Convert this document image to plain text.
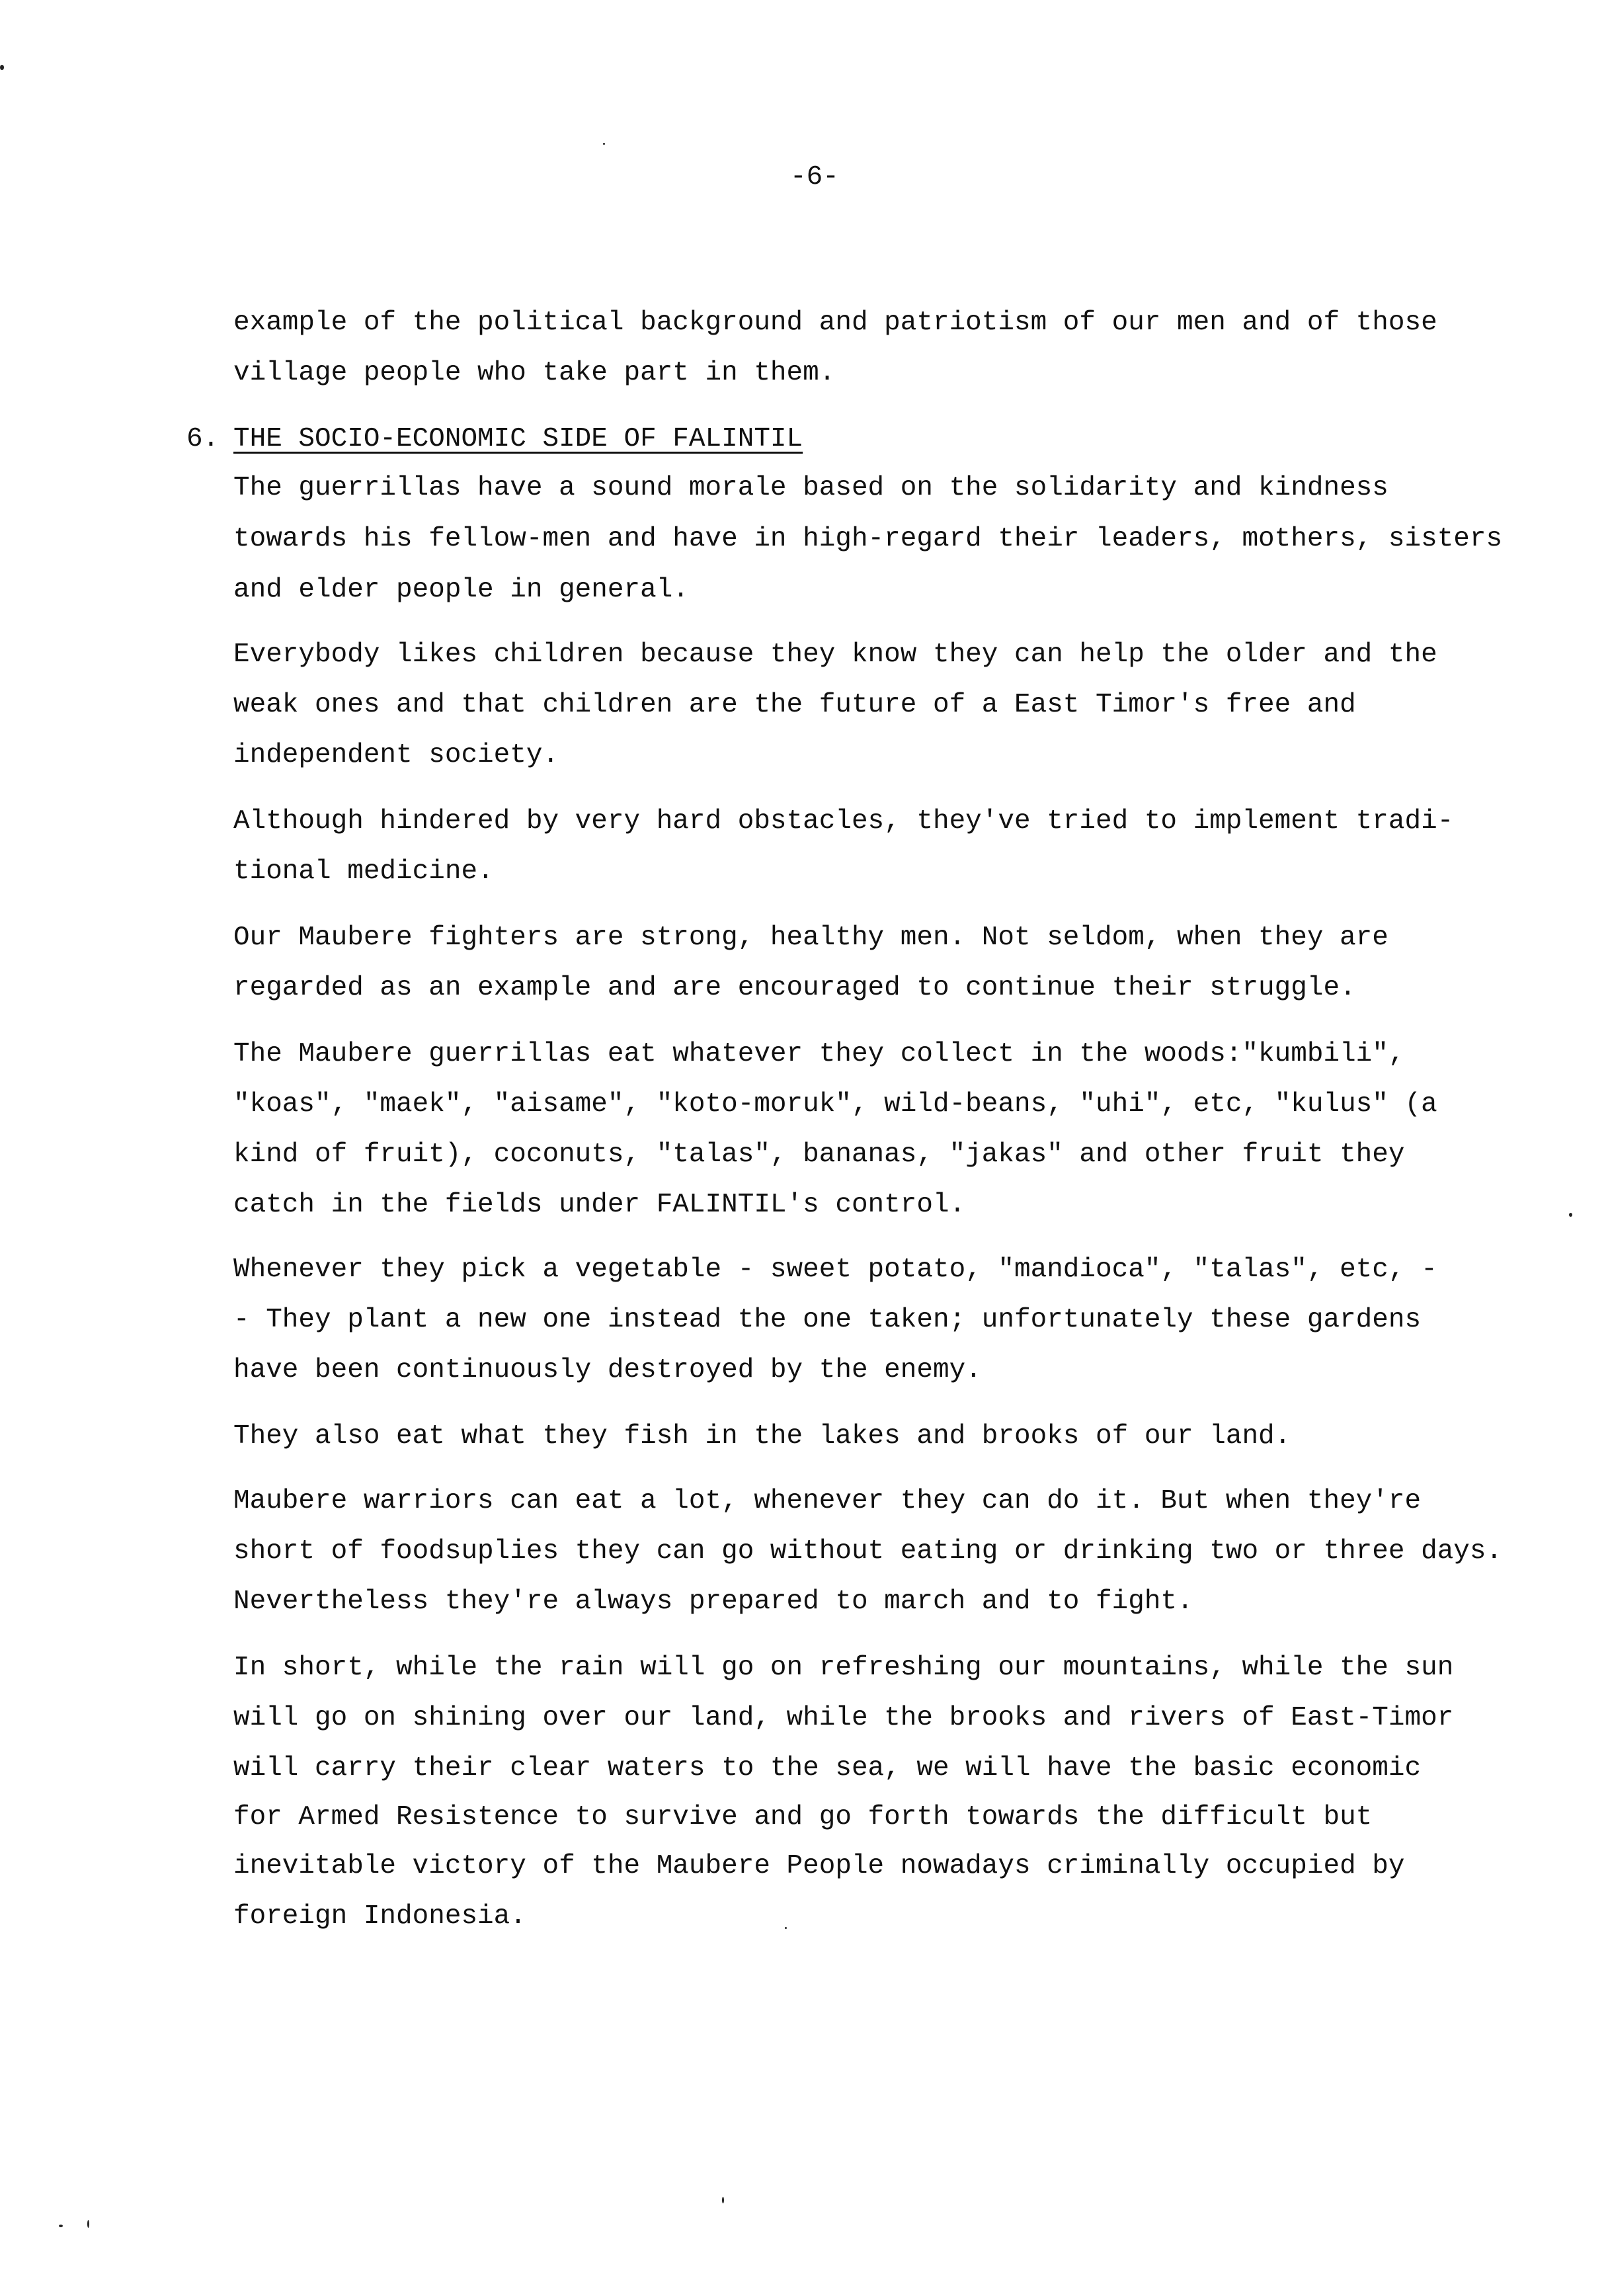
-6-
example of the political background and patriotism of our men and of those
village people who take part in them.
6. THE SOCIO-ECONOMIC SIDE OF FALINTIL
The guerrillas have a sound morale based on the solidarity and kindness
towards his fellow-men and have in high-regard their leaders, mothers, sisters
and elder people in general.
Everybody likes children because they know they can help the older and the
weak ones and that children are the future of a East Timor's free and
independent society.
Although hindered by very hard obstacles, they've tried to implement tradi-
tional medicine.
Our Maubere fighters are strong, healthy men. Not seldom, when they are
regarded as an example and are encouraged to continue their struggle.
The Maubere guerrillas eat whatever they collect in the woods:"kumbili",
"koas", "maek", "aisame", "koto-moruk", wild-beans, "uhi", etc, "kulus" (a
kind of fruit), coconuts, "talas", bananas, "jakas" and other fruit they
catch in the fields under FALINTIL's control.
Whenever they pick a vegetable - sweet potato, "mandioca", "talas", etc, -
- They plant a new one instead the one taken; unfortunately these gardens
have been continuously destroyed by the enemy.
They also eat what they fish in the lakes and brooks of our land.
Maubere warriors can eat a lot, whenever they can do it. But when they're
short of foodsuplies they can go without eating or drinking two or three days.
Nevertheless they're always prepared to march and to fight.
In short, while the rain will go on refreshing our mountains, while the sun
will go on shining over our land, while the brooks and rivers of East-Timor
will carry their clear waters to the sea, we will have the basic economic
for Armed Resistence to survive and go forth towards the difficult but
inevitable victory of the Maubere People nowadays criminally occupied by
foreign Indonesia.
